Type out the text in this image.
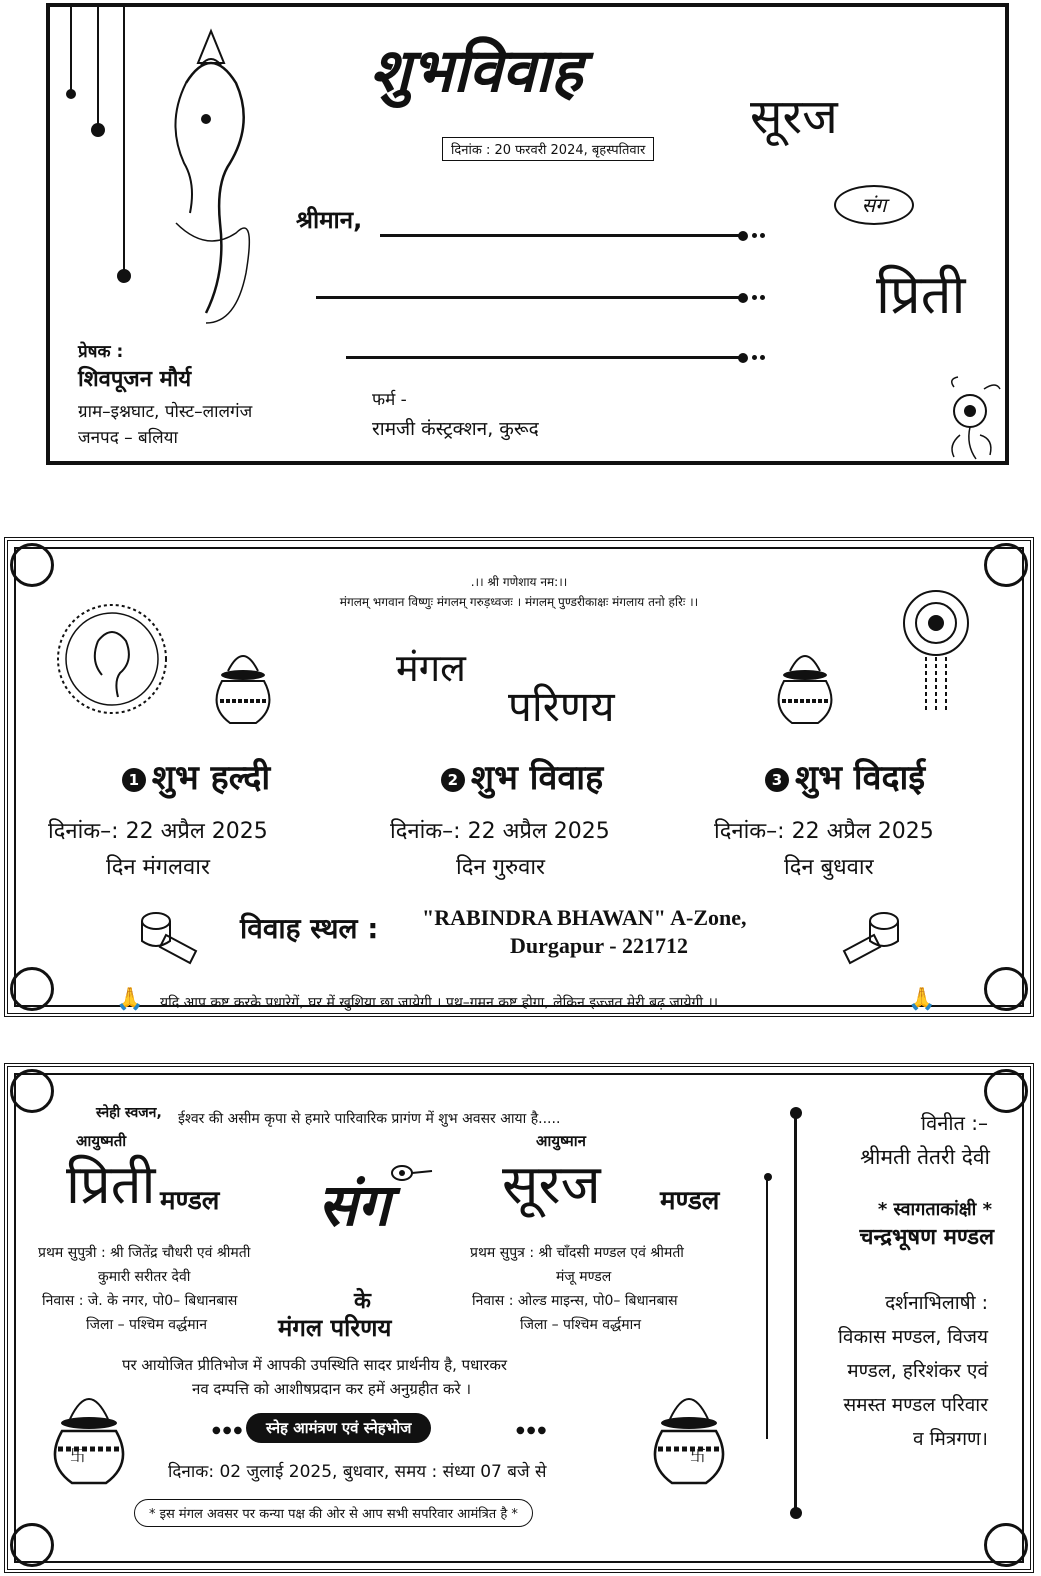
शुभविवाह
दिनांक : 20 फरवरी 2024, बृहस्पतिवार
श्रीमान,
सूरज
संग
प्रिती
प्रेषक :
शिवपूजन मौर्य
ग्राम–इश्नघाट, पोस्ट–लालगंज
जनपद – बलिया
फर्म -
रामजी कंस्ट्रक्शन, कुरूद
.।। श्री गणेशाय नम:।।
मंगलम् भगवान विष्णुः मंगलम् गरुड़ध्वजः । मंगलम् पुण्डरीकाक्षः मंगलाय तनो हरिः ।।
मंगल
परिणय
1 शुभ हल्दी
दिनांक–: 22 अप्रैल 2025
दिन मंगलवार
2 शुभ विवाह
दिनांक–: 22 अप्रैल 2025
दिन गुरुवार
3 शुभ विदाई
दिनांक–: 22 अप्रैल 2025
दिन बुधवार
विवाह स्थल : "RABINDRA BHAWAN" A-Zone,
Durgapur - 221712
🙏 यदि आप कष्ट करके पधारेगें, घर में खुशिया छा जायेगी । पथ–गमन कष्ट होगा, लेकिन इज्जत मेरी बढ़ जायेगी ।।	🙏
स्नेही स्वजन, ईश्वर की असीम कृपा से हमारे पारिवारिक प्रागंण में शुभ अवसर आया है.....
आयुष्मती
प्रिती मण्डल
प्रथम सुपुत्री : श्री जितेंद्र चौधरी एवं श्रीमती
कुमारी सरीतर देवी
निवास : जे. के नगर, पो0– बिधानबास
जिला – पश्चिम वर्द्धमान
संग
के
मंगल परिणय
आयुष्मान
सूरज मण्डल
प्रथम सुपुत्र : श्री चाँदसी मण्डल एवं श्रीमती
मंजू मण्डल
निवास : ओल्ड माइन्स, पो0– बिधानबास
जिला – पश्चिम वर्द्धमान
पर आयोजित प्रीतिभोज में आपकी उपस्थिति सादर प्रार्थनीय है, पधारकर
नव दम्पत्ति को आशीषप्रदान कर हमें अनुग्रहीत करे ।
卐	卐
●●●	स्नेह आमंत्रण एवं स्नेहभोज	●●●
दिनाक: 02 जुलाई 2025, बुधवार, समय : संध्या 07 बजे से
* इस मंगल अवसर पर कन्या पक्ष की ओर से आप सभी सपरिवार आमंत्रित है *
विनीत :–
श्रीमती तेतरी देवी
* स्वागताकांक्षी *
चन्द्रभूषण मण्डल
दर्शनाभिलाषी :
विकास मण्डल, विजय
मण्डल, हरिशंकर एवं
समस्त मण्डल परिवार
व मित्रगण।
